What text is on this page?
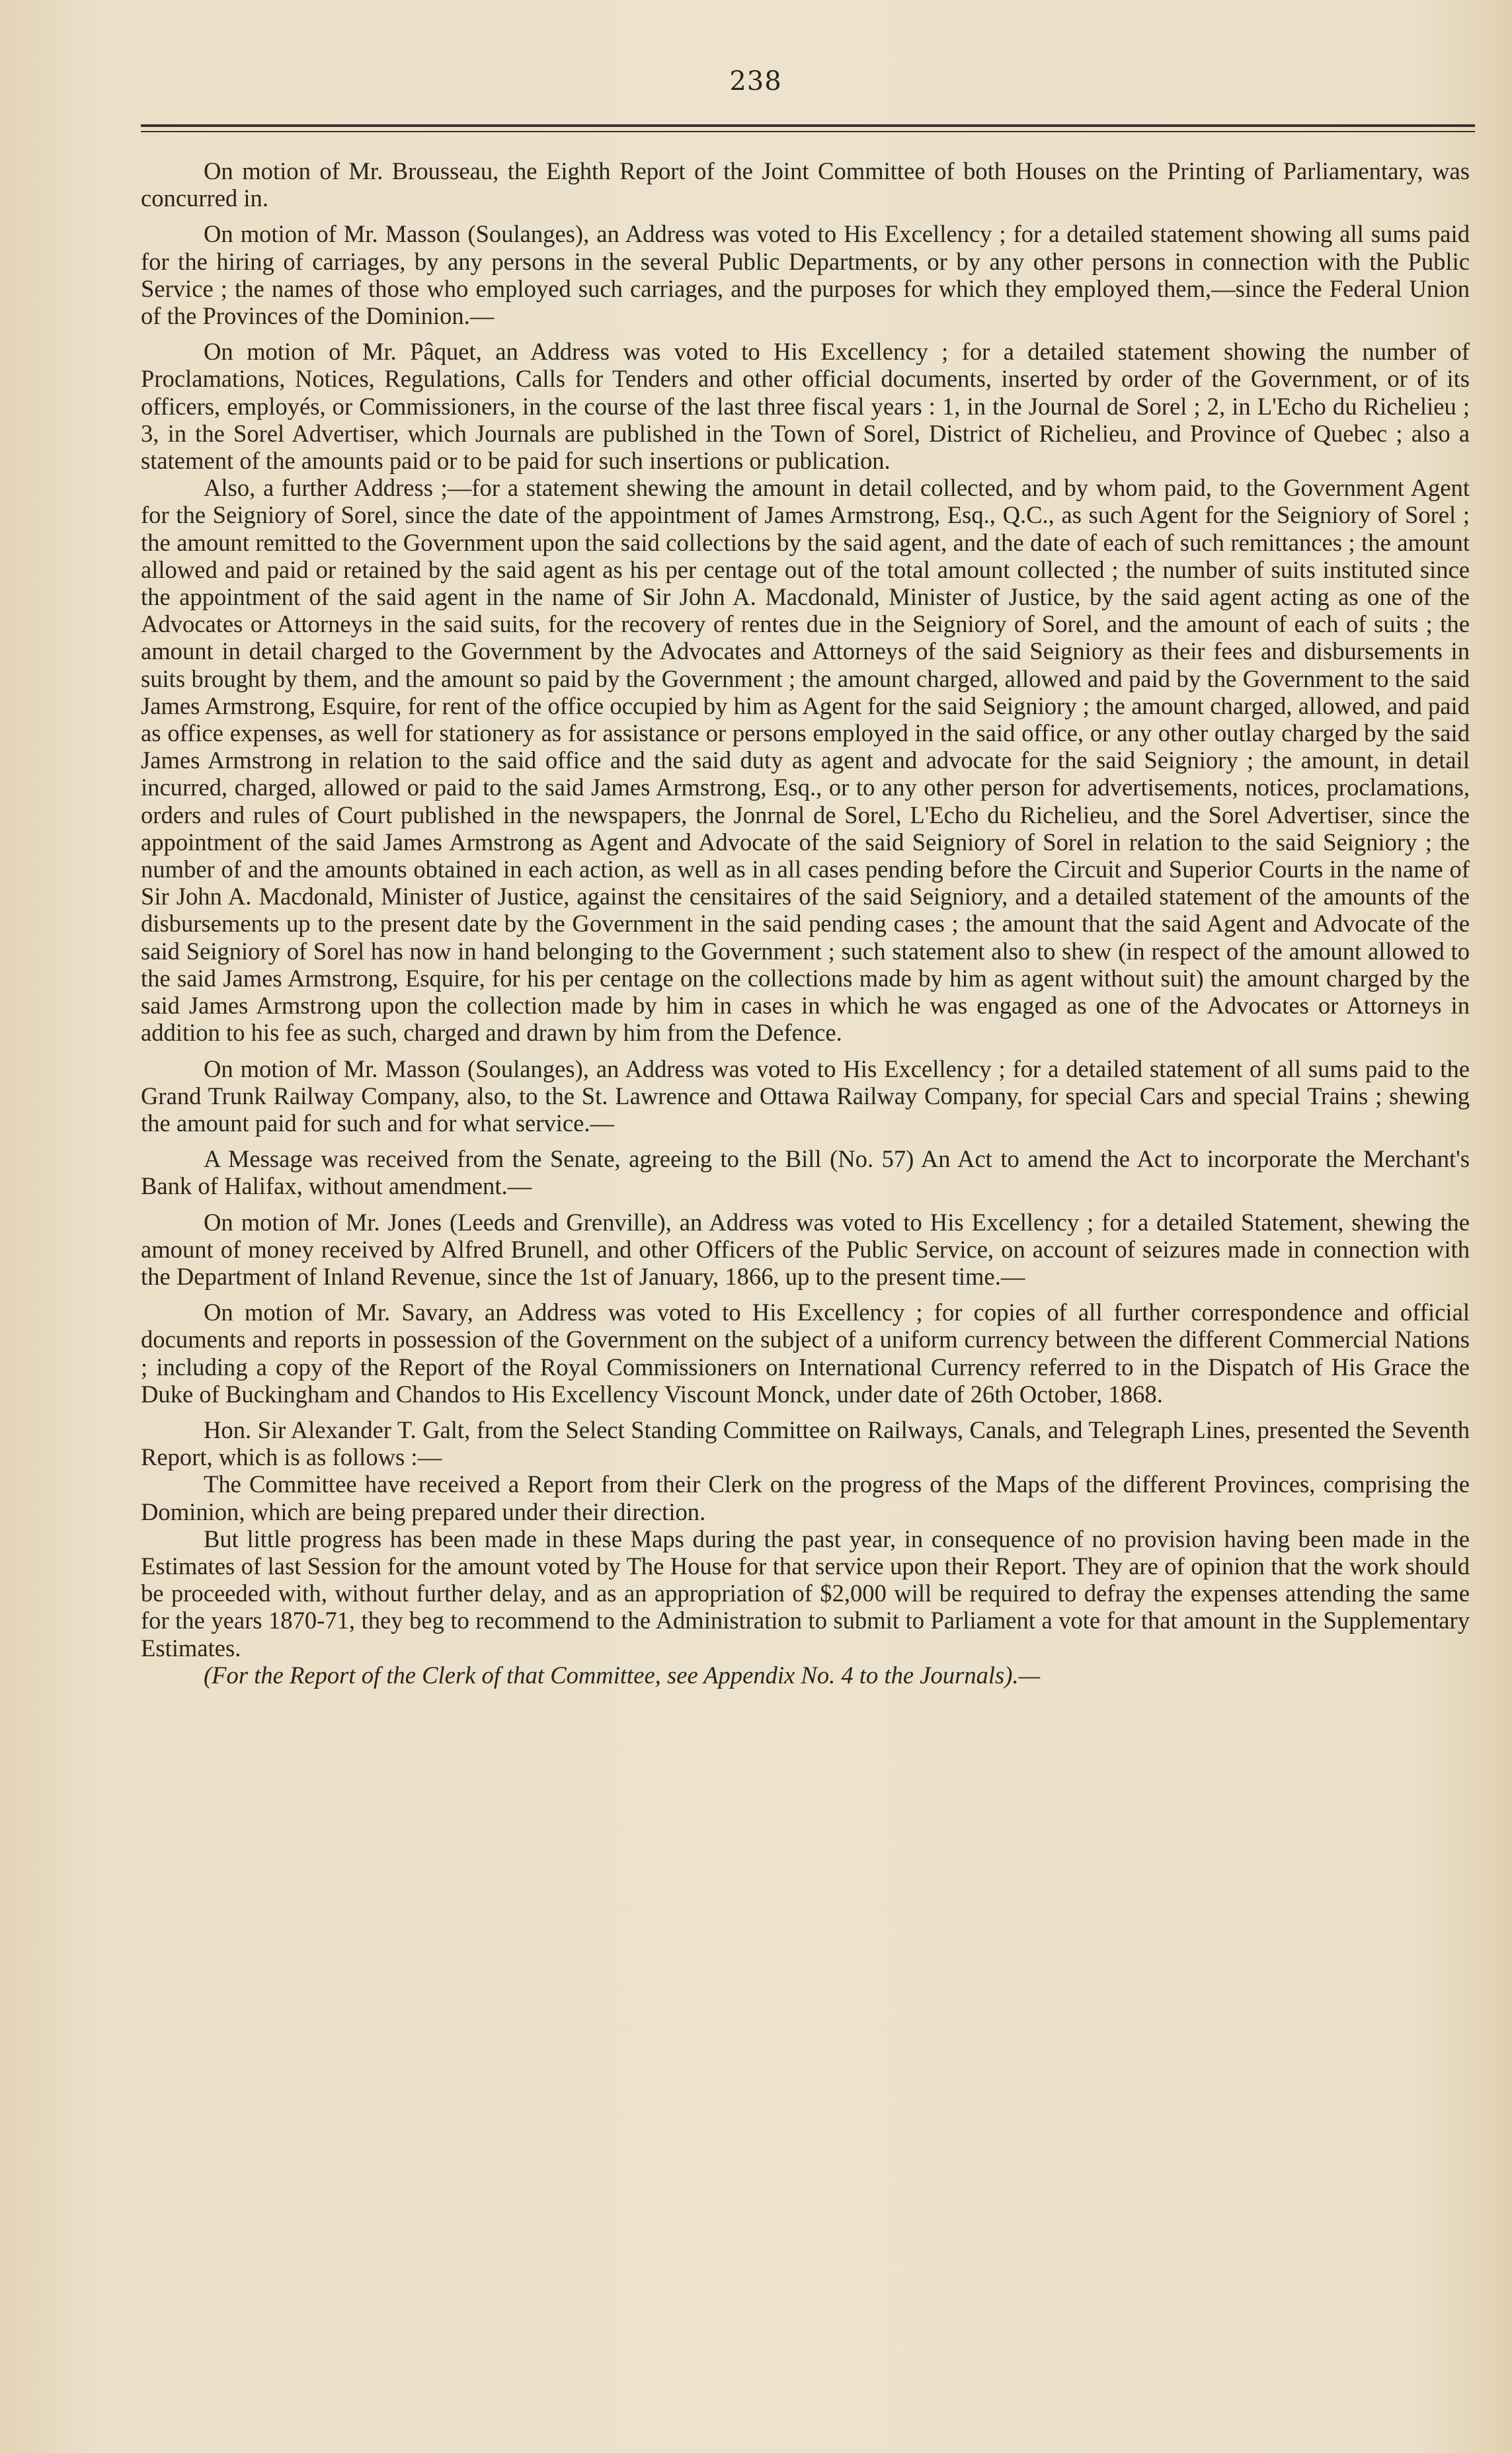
238

On motion of Mr. Brousseau, the Eighth Report of the Joint Committee of both Houses on the Printing of Parliamentary, was concurred in.

On motion of Mr. Masson (Soulanges), an Address was voted to His Excellency ; for a detailed statement showing all sums paid for the hiring of carriages, by any persons in the several Public Departments, or by any other persons in connection with the Public Service ; the names of those who employed such carriages, and the purposes for which they employed them,—since the Federal Union of the Provinces of the Dominion.—

On motion of Mr. Pâquet, an Address was voted to His Excellency ; for a detailed statement showing the number of Proclamations, Notices, Regulations, Calls for Tenders and other official documents, inserted by order of the Government, or of its officers, employés, or Commissioners, in the course of the last three fiscal years : 1, in the Journal de Sorel ; 2, in L'Echo du Richelieu ; 3, in the Sorel Advertiser, which Journals are published in the Town of Sorel, District of Richelieu, and Province of Quebec ; also a statement of the amounts paid or to be paid for such insertions or publication.

Also, a further Address ;—for a statement shewing the amount in detail collected, and by whom paid, to the Government Agent for the Seigniory of Sorel, since the date of the appointment of James Armstrong, Esq., Q.C., as such Agent for the Seigniory of Sorel ; the amount remitted to the Government upon the said collections by the said agent, and the date of each of such remittances ; the amount allowed and paid or retained by the said agent as his per centage out of the total amount collected ; the number of suits instituted since the appointment of the said agent in the name of Sir John A. Macdonald, Minister of Justice, by the said agent acting as one of the Advocates or Attorneys in the said suits, for the recovery of rentes due in the Seigniory of Sorel, and the amount of each of suits ; the amount in detail charged to the Government by the Advocates and Attorneys of the said Seigniory as their fees and disbursements in suits brought by them, and the amount so paid by the Government ; the amount charged, allowed and paid by the Government to the said James Armstrong, Esquire, for rent of the office occupied by him as Agent for the said Seigniory ; the amount charged, allowed, and paid as office expenses, as well for stationery as for assistance or persons employed in the said office, or any other outlay charged by the said James Armstrong in relation to the said office and the said duty as agent and advocate for the said Seigniory ; the amount, in detail incurred, charged, allowed or paid to the said James Armstrong, Esq., or to any other person for advertisements, notices, proclamations, orders and rules of Court published in the newspapers, the Jonrnal de Sorel, L'Echo du Richelieu, and the Sorel Advertiser, since the appointment of the said James Armstrong as Agent and Advocate of the said Seigniory of Sorel in relation to the said Seigniory ; the number of and the amounts obtained in each action, as well as in all cases pending before the Circuit and Superior Courts in the name of Sir John A. Macdonald, Minister of Justice, against the censitaires of the said Seigniory, and a detailed statement of the amounts of the disbursements up to the present date by the Government in the said pending cases ; the amount that the said Agent and Advocate of the said Seigniory of Sorel has now in hand belonging to the Government ; such statement also to shew (in respect of the amount allowed to the said James Armstrong, Esquire, for his per centage on the collections made by him as agent without suit) the amount charged by the said James Armstrong upon the collection made by him in cases in which he was engaged as one of the Advocates or Attorneys in addition to his fee as such, charged and drawn by him from the Defence.

On motion of Mr. Masson (Soulanges), an Address was voted to His Excellency ; for a detailed statement of all sums paid to the Grand Trunk Railway Company, also, to the St. Lawrence and Ottawa Railway Company, for special Cars and special Trains ; shewing the amount paid for such and for what service.—

A Message was received from the Senate, agreeing to the Bill (No. 57) An Act to amend the Act to incorporate the Merchant's Bank of Halifax, without amendment.—

On motion of Mr. Jones (Leeds and Grenville), an Address was voted to His Excellency ; for a detailed Statement, shewing the amount of money received by Alfred Brunell, and other Officers of the Public Service, on account of seizures made in connection with the Department of Inland Revenue, since the 1st of January, 1866, up to the present time.—

On motion of Mr. Savary, an Address was voted to His Excellency ; for copies of all further correspondence and official documents and reports in possession of the Government on the subject of a uniform currency between the different Commercial Nations ; including a copy of the Report of the Royal Commissioners on International Currency referred to in the Dispatch of His Grace the Duke of Buckingham and Chandos to His Excellency Viscount Monck, under date of 26th October, 1868.

Hon. Sir Alexander T. Galt, from the Select Standing Committee on Railways, Canals, and Telegraph Lines, presented the Seventh Report, which is as follows :—

The Committee have received a Report from their Clerk on the progress of the Maps of the different Provinces, comprising the Dominion, which are being prepared under their direction.

But little progress has been made in these Maps during the past year, in consequence of no provision having been made in the Estimates of last Session for the amount voted by The House for that service upon their Report. They are of opinion that the work should be proceeded with, without further delay, and as an appropriation of $2,000 will be required to defray the expenses attending the same for the years 1870-71, they beg to recommend to the Administration to submit to Parliament a vote for that amount in the Supplementary Estimates.

(For the Report of the Clerk of that Committee, see Appendix No. 4 to the Journals).—
